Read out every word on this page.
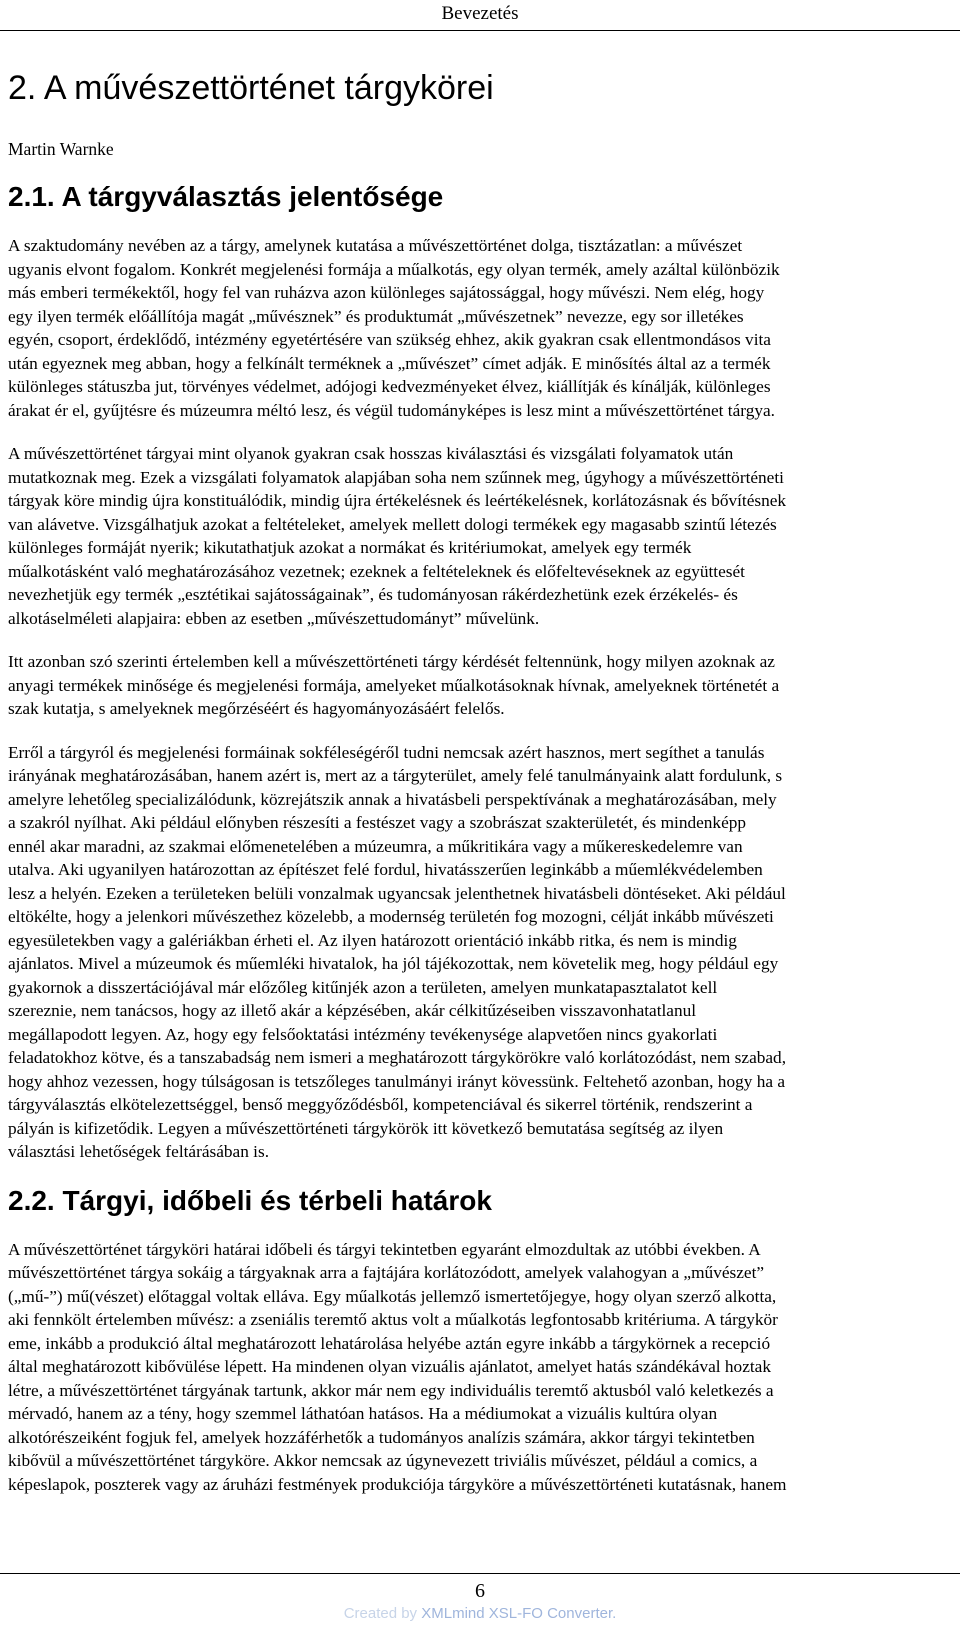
Bevezetés
2. A művészettörténet tárgykörei
Martin Warnke
2.1. A tárgyválasztás jelentősége

A szaktudomány nevében az a tárgy, amelynek kutatása a művészettörténet dolga, tisztázatlan: a művészet
ugyanis elvont fogalom. Konkrét megjelenési formája a műalkotás, egy olyan termék, amely azáltal különbözik
más emberi termékektől, hogy fel van ruházva azon különleges sajátossággal, hogy művészi. Nem elég, hogy
egy ilyen termék előállítója magát „művésznek” és produktumát „művészetnek” nevezze, egy sor illetékes
egyén, csoport, érdeklődő, intézmény egyetértésére van szükség ehhez, akik gyakran csak ellentmondásos vita
után egyeznek meg abban, hogy a felkínált terméknek a „művészet” címet adják. E minősítés által az a termék
különleges státuszba jut, törvényes védelmet, adójogi kedvezményeket élvez, kiállítják és kínálják, különleges
árakat ér el, gyűjtésre és múzeumra méltó lesz, és végül tudományképes is lesz mint a művészettörténet tárgya.

A művészettörténet tárgyai mint olyanok gyakran csak hosszas kiválasztási és vizsgálati folyamatok után
mutatkoznak meg. Ezek a vizsgálati folyamatok alapjában soha nem szűnnek meg, úgyhogy a művészettörténeti
tárgyak köre mindig újra konstituálódik, mindig újra értékelésnek és leértékelésnek, korlátozásnak és bővítésnek
van alávetve. Vizsgálhatjuk azokat a feltételeket, amelyek mellett dologi termékek egy magasabb szintű létezés
különleges formáját nyerik; kikutathatjuk azokat a normákat és kritériumokat, amelyek egy termék
műalkotásként való meghatározásához vezetnek; ezeknek a feltételeknek és előfeltevéseknek az együttesét
nevezhetjük egy termék „esztétikai sajátosságainak”, és tudományosan rákérdezhetünk ezek érzékelés- és
alkotáselméleti alapjaira: ebben az esetben „művészettudományt” művelünk.

Itt azonban szó szerinti értelemben kell a művészettörténeti tárgy kérdését feltennünk, hogy milyen azoknak az
anyagi termékek minősége és megjelenési formája, amelyeket műalkotásoknak hívnak, amelyeknek történetét a
szak kutatja, s amelyeknek megőrzéséért és hagyományozásáért felelős.

Erről a tárgyról és megjelenési formáinak sokféleségéről tudni nemcsak azért hasznos, mert segíthet a tanulás
irányának meghatározásában, hanem azért is, mert az a tárgyterület, amely felé tanulmányaink alatt fordulunk, s
amelyre lehetőleg specializálódunk, közrejátszik annak a hivatásbeli perspektívának a meghatározásában, mely
a szakról nyílhat. Aki például előnyben részesíti a festészet vagy a szobrászat szakterületét, és mindenképp
ennél akar maradni, az szakmai előmenetelében a múzeumra, a műkritikára vagy a műkereskedelemre van
utalva. Aki ugyanilyen határozottan az építészet felé fordul, hivatásszerűen leginkább a műemlékvédelemben
lesz a helyén. Ezeken a területeken belüli vonzalmak ugyancsak jelenthetnek hivatásbeli döntéseket. Aki például
eltökélte, hogy a jelenkori művészethez közelebb, a modernség területén fog mozogni, célját inkább művészeti
egyesületekben vagy a galériákban érheti el. Az ilyen határozott orientáció inkább ritka, és nem is mindig
ajánlatos. Mivel a múzeumok és műemléki hivatalok, ha jól tájékozottak, nem követelik meg, hogy például egy
gyakornok a disszertációjával már előzőleg kitűnjék azon a területen, amelyen munkatapasztalatot kell
szereznie, nem tanácsos, hogy az illető akár a képzésében, akár célkitűzéseiben visszavonhatatlanul
megállapodott legyen. Az, hogy egy felsőoktatási intézmény tevékenysége alapvetően nincs gyakorlati
feladatokhoz kötve, és a tanszabadság nem ismeri a meghatározott tárgykörökre való korlátozódást, nem szabad,
hogy ahhoz vezessen, hogy túlságosan is tetszőleges tanulmányi irányt kövessünk. Feltehető azonban, hogy ha a
tárgyválasztás elkötelezettséggel, benső meggyőződésből, kompetenciával és sikerrel történik, rendszerint a
pályán is kifizetődik. Legyen a művészettörténeti tárgykörök itt következő bemutatása segítség az ilyen
választási lehetőségek feltárásában is.

2.2. Tárgyi, időbeli és térbeli határok

A művészettörténet tárgyköri határai időbeli és tárgyi tekintetben egyaránt elmozdultak az utóbbi években. A
művészettörténet tárgya sokáig a tárgyaknak arra a fajtájára korlátozódott, amelyek valahogyan a „művészet”
(„mű-”) mű(vészet) előtaggal voltak elláva. Egy műalkotás jellemző ismertetőjegye, hogy olyan szerző alkotta,
aki fennkölt értelemben művész: a zseniális teremtő aktus volt a műalkotás legfontosabb kritériuma. A tárgykör
eme, inkább a produkció által meghatározott lehatárolása helyébe aztán egyre inkább a tárgykörnek a recepció
által meghatározott kibővülése lépett. Ha mindenen olyan vizuális ajánlatot, amelyet hatás szándékával hoztak
létre, a művészettörténet tárgyának tartunk, akkor már nem egy individuális teremtő aktusból való keletkezés a
mérvadó, hanem az a tény, hogy szemmel láthatóan hatásos. Ha a médiumokat a vizuális kultúra olyan
alkotórészeiként fogjuk fel, amelyek hozzáférhetők a tudományos analízis számára, akkor tárgyi tekintetben
kibővül a művészettörténet tárgyköre. Akkor nemcsak az úgynevezett triviális művészet, például a comics, a
képeslapok, poszterek vagy az áruházi festmények produkciója tárgyköre a művészettörténeti kutatásnak, hanem

6
Created by XMLmind XSL-FO Converter.
